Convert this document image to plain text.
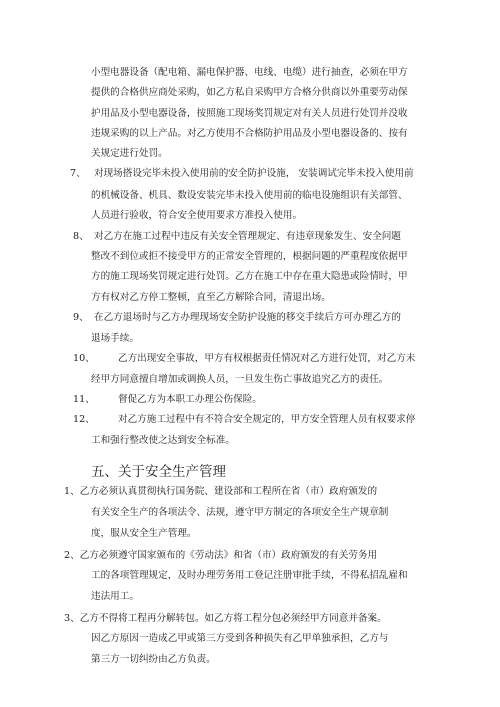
小型电器设备（配电箱、漏电保护器、电线、电缆）进行抽查，必须在甲方
提供的合格供应商处采购，如乙方私自采购甲方合格分供商以外重要劳动保
护用品及小型电器设备，按照施工现场奖罚规定对有关人员进行处罚并没收
违规采购的以上产品。对乙方使用不合格防护用品及小型电器设备的、按有
关规定进行处罚。
7、 对现场搭设完毕未投入使用前的安全防护设施， 安装调试完毕未投入使用前
的机械设备、机具、数设安装完毕未投入使用前的临电设施组识有关部管、
人员进行验收，符合安全使用要求方准投入使用。
8、 对乙方在施工过程中违反有关安全管理规定、有违章现象发生、安全问题
整改不到位或拒不接受甲方的正常安全管理的，根据问题的严重程度依据甲
方的施工现场奖罚规定进行处罚。乙方在施工中存在重大隐患或险情时，甲
方有权对乙方停工整顿，直至乙方解除合同，清退出场。
9、 在乙方退场时与乙方办理现场安全防护设施的移交手续后方可办理乙方的
退场手续。
10、 乙方出现安全事故，甲方有权根据责任情况对乙方进行处罚，对乙方未
经甲方同意擅自增加或调换人员，一旦发生伤亡事故追究乙方的责任。
11、 督促乙方为本职工办理公伤保险。
12、 对乙方施工过程中有不符合安全规定的，甲方安全管理人员有权要求停
工和强行整改使之达到安全标准。
五、关于安全生产管理
1、乙方必须认真贯彻执行国务院、建设部和工程所在省（市）政府颁发的
有关安全生产的各项法令、法规，遵守甲方制定的各项安全生产规章制
度，服从安全生产管理。
2、乙方必须遵守国家颁布的《劳动法》和省（市）政府颁发的有关劳务用
工的各项管理规定，及时办理劳务用工登记注册审批手续，不得私招乱雇和
违法用工。
3、乙方不得将工程再分解转包。如乙方将工程分包必须经甲方同意并备案。
因乙方原因一造成乙甲或第三方受到各种损失有乙甲单独承担，乙方与
第三方一切纠纷由乙方负责。
